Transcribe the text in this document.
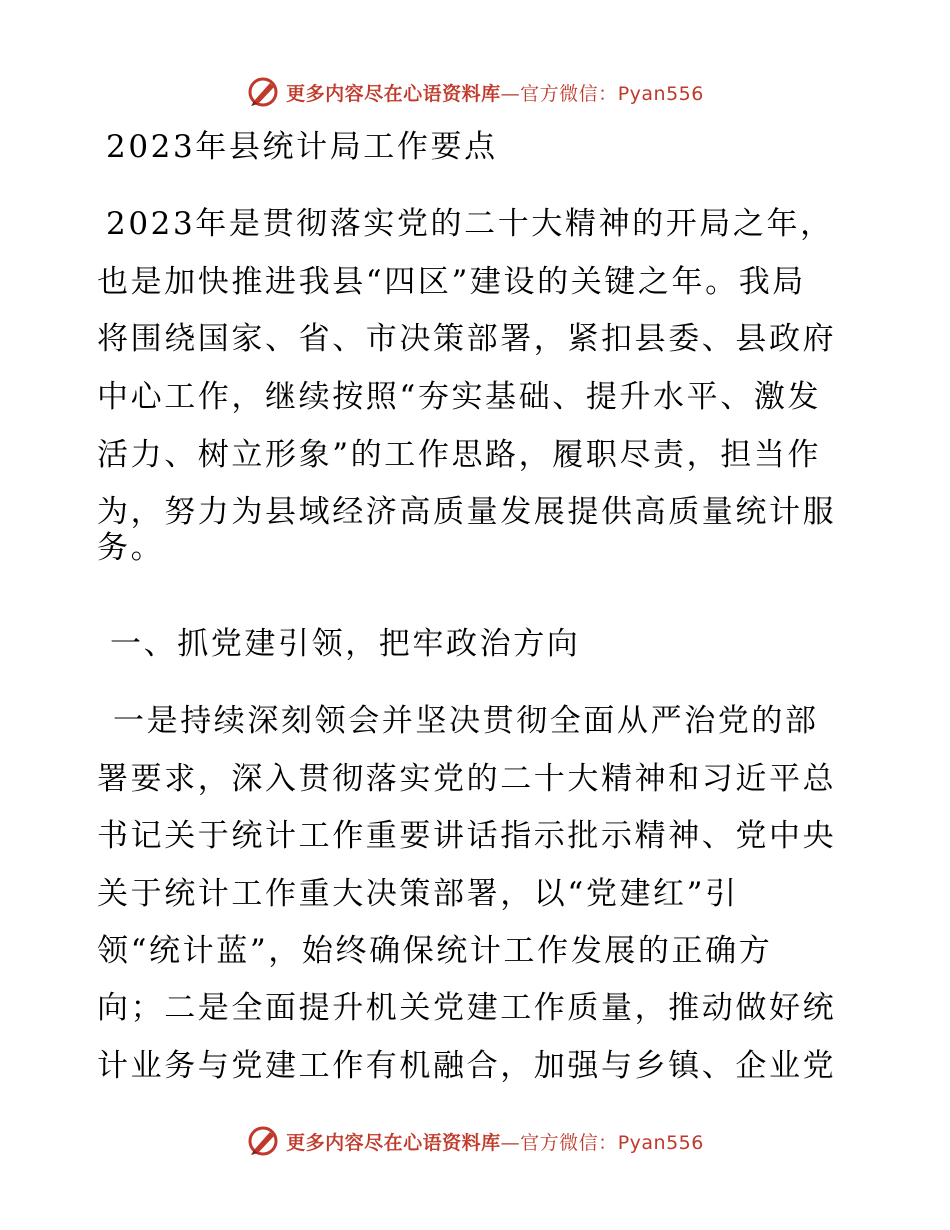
更多内容尽在心语资料库—官方微信：Pyan556
2023年县统计局工作要点
2023年是贯彻落实党的二十大精神的开局之年，
也是加快推进我县“四区”建设的关键之年。我局
将围绕国家、省、市决策部署，紧扣县委、县政府
中心工作，继续按照“夯实基础、提升水平、激发
活力、树立形象”的工作思路，履职尽责，担当作
为，努力为县域经济高质量发展提供高质量统计服
务。
一、抓党建引领，把牢政治方向
一是持续深刻领会并坚决贯彻全面从严治党的部
署要求，深入贯彻落实党的二十大精神和习近平总
书记关于统计工作重要讲话指示批示精神、党中央
关于统计工作重大决策部署，以“党建红”引
领“统计蓝”，始终确保统计工作发展的正确方
向；二是全面提升机关党建工作质量，推动做好统
计业务与党建工作有机融合，加强与乡镇、企业党
更多内容尽在心语资料库—官方微信：Pyan556
